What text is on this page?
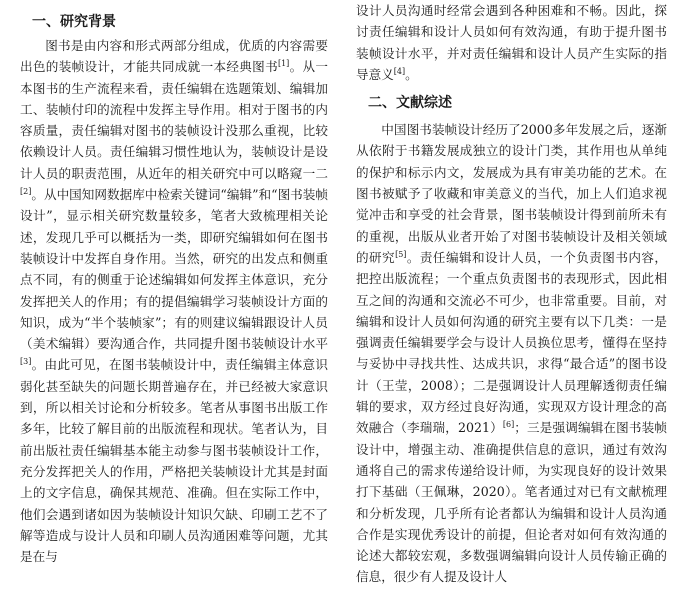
一、研究背景

图书是由内容和形式两部分组成，优质的内容需要出色的装帧设计，才能共同成就一本经典图书[1]。从一本图书的生产流程来看，责任编辑在选题策划、编辑加工、装帧付印的流程中发挥主导作用。相对于图书的内容质量，责任编辑对图书的装帧设计没那么重视，比较依赖设计人员。责任编辑习惯性地认为，装帧设计是设计人员的职责范围，从近年的相关研究中可以略窥一二[2]。从中国知网数据库中检索关键词“编辑”和“图书装帧设计”，显示相关研究数量较多，笔者大致梳理相关论述，发现几乎可以概括为一类，即研究编辑如何在图书装帧设计中发挥自身作用。当然，研究的出发点和侧重点不同，有的侧重于论述编辑如何发挥主体意识，充分发挥把关人的作用；有的提倡编辑学习装帧设计方面的知识，成为“半个装帧家”；有的则建议编辑跟设计人员（美术编辑）要沟通合作，共同提升图书装帧设计水平[3]。由此可见，在图书装帧设计中，责任编辑主体意识弱化甚至缺失的问题长期普遍存在，并已经被大家意识到，所以相关讨论和分析较多。笔者从事图书出版工作多年，比较了解目前的出版流程和现状。笔者认为，目前出版社责任编辑基本能主动参与图书装帧设计工作，充分发挥把关人的作用，严格把关装帧设计尤其是封面上的文字信息，确保其规范、准确。但在实际工作中，他们会遇到诸如因为装帧设计知识欠缺、印刷工艺不了解等造成与设计人员和印刷人员沟通困难等问题，尤其是在与

设计人员沟通时经常会遇到各种困难和不畅。因此，探讨责任编辑和设计人员如何有效沟通，有助于提升图书装帧设计水平，并对责任编辑和设计人员产生实际的指导意义[4]。

二、文献综述

中国图书装帧设计经历了2000多年发展之后，逐渐从依附于书籍发展成独立的设计门类，其作用也从单纯的保护和标示内文，发展成为具有审美功能的艺术。在图书被赋予了收藏和审美意义的当代，加上人们追求视觉冲击和享受的社会背景，图书装帧设计得到前所未有的重视，出版从业者开始了对图书装帧设计及相关领域的研究[5]。责任编辑和设计人员，一个负责图书内容，把控出版流程；一个重点负责图书的表现形式，因此相互之间的沟通和交流必不可少，也非常重要。目前，对编辑和设计人员如何沟通的研究主要有以下几类：一是强调责任编辑要学会与设计人员换位思考，懂得在坚持与妥协中寻找共性、达成共识，求得“最合适”的图书设计（王莹，2008）；二是强调设计人员理解透彻责任编辑的要求，双方经过良好沟通，实现双方设计理念的高效融合（李瑞瑞，2021）[6]；三是强调编辑在图书装帧设计中，增强主动、准确提供信息的意识，通过有效沟通将自己的需求传递给设计师，为实现良好的设计效果打下基础（王佩琳，2020）。笔者通过对已有文献梳理和分析发现，几乎所有论者都认为编辑和设计人员沟通合作是实现优秀设计的前提，但论者对如何有效沟通的论述大都较宏观，多数强调编辑向设计人员传输正确的信息，很少有人提及设计人
